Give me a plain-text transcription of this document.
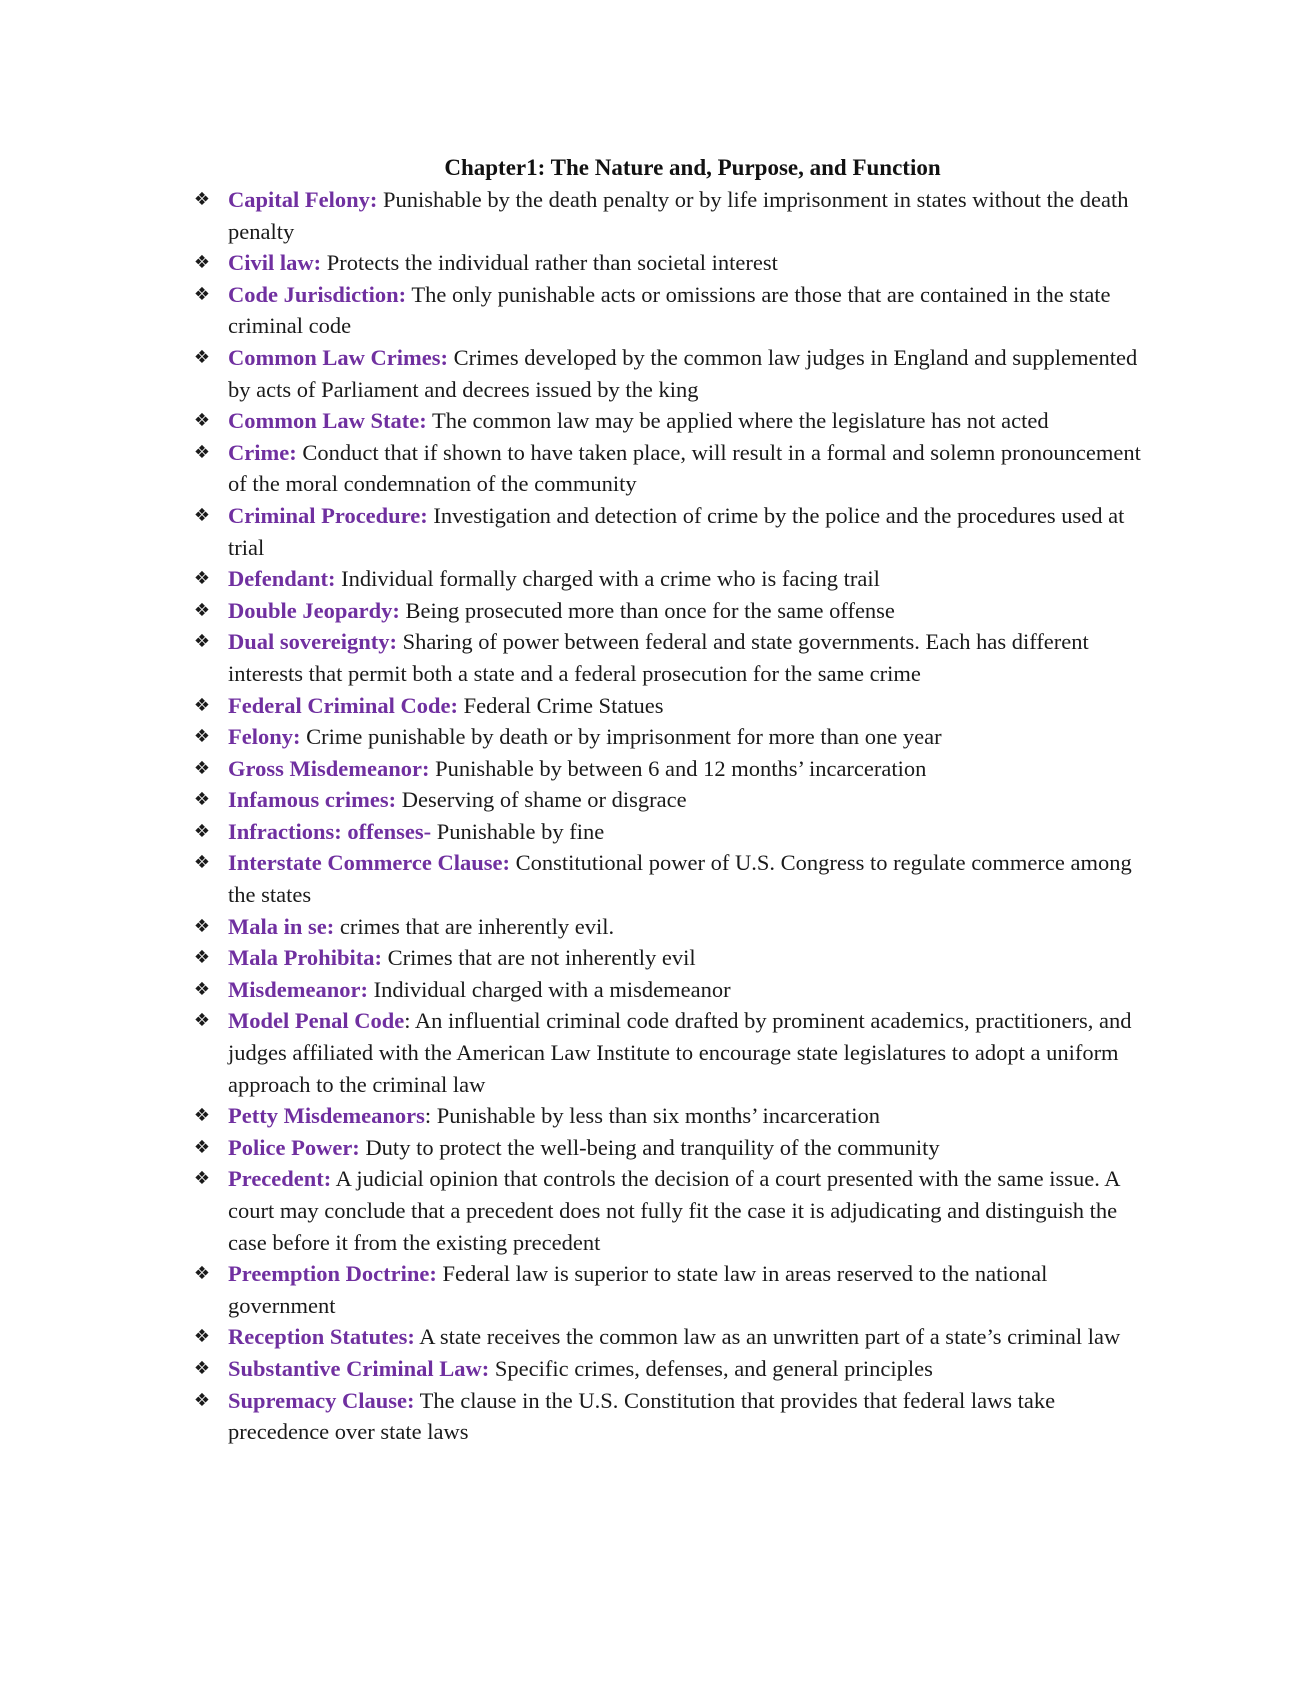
Chapter1: The Nature and, Purpose, and Function
❖ Capital Felony: Punishable by the death penalty or by life imprisonment in states without the death penalty
❖ Civil law: Protects the individual rather than societal interest
❖ Code Jurisdiction: The only punishable acts or omissions are those that are contained in the state criminal code
❖ Common Law Crimes: Crimes developed by the common law judges in England and supplemented by acts of Parliament and decrees issued by the king
❖ Common Law State: The common law may be applied where the legislature has not acted
❖ Crime: Conduct that if shown to have taken place, will result in a formal and solemn pronouncement of the moral condemnation of the community
❖ Criminal Procedure: Investigation and detection of crime by the police and the procedures used at trial
❖ Defendant: Individual formally charged with a crime who is facing trail
❖ Double Jeopardy: Being prosecuted more than once for the same offense
❖ Dual sovereignty: Sharing of power between federal and state governments. Each has different interests that permit both a state and a federal prosecution for the same crime
❖ Federal Criminal Code: Federal Crime Statues
❖ Felony: Crime punishable by death or by imprisonment for more than one year
❖ Gross Misdemeanor: Punishable by between 6 and 12 months’ incarceration
❖ Infamous crimes: Deserving of shame or disgrace
❖ Infractions: offenses- Punishable by fine
❖ Interstate Commerce Clause: Constitutional power of U.S. Congress to regulate commerce among the states
❖ Mala in se: crimes that are inherently evil.
❖ Mala Prohibita: Crimes that are not inherently evil
❖ Misdemeanor: Individual charged with a misdemeanor
❖ Model Penal Code: An influential criminal code drafted by prominent academics, practitioners, and judges affiliated with the American Law Institute to encourage state legislatures to adopt a uniform approach to the criminal law
❖ Petty Misdemeanors: Punishable by less than six months’ incarceration
❖ Police Power: Duty to protect the well-being and tranquility of the community
❖ Precedent: A judicial opinion that controls the decision of a court presented with the same issue. A court may conclude that a precedent does not fully fit the case it is adjudicating and distinguish the case before it from the existing precedent
❖ Preemption Doctrine: Federal law is superior to state law in areas reserved to the national government
❖ Reception Statutes: A state receives the common law as an unwritten part of a state’s criminal law
❖ Substantive Criminal Law: Specific crimes, defenses, and general principles
❖ Supremacy Clause: The clause in the U.S. Constitution that provides that federal laws take precedence over state laws
